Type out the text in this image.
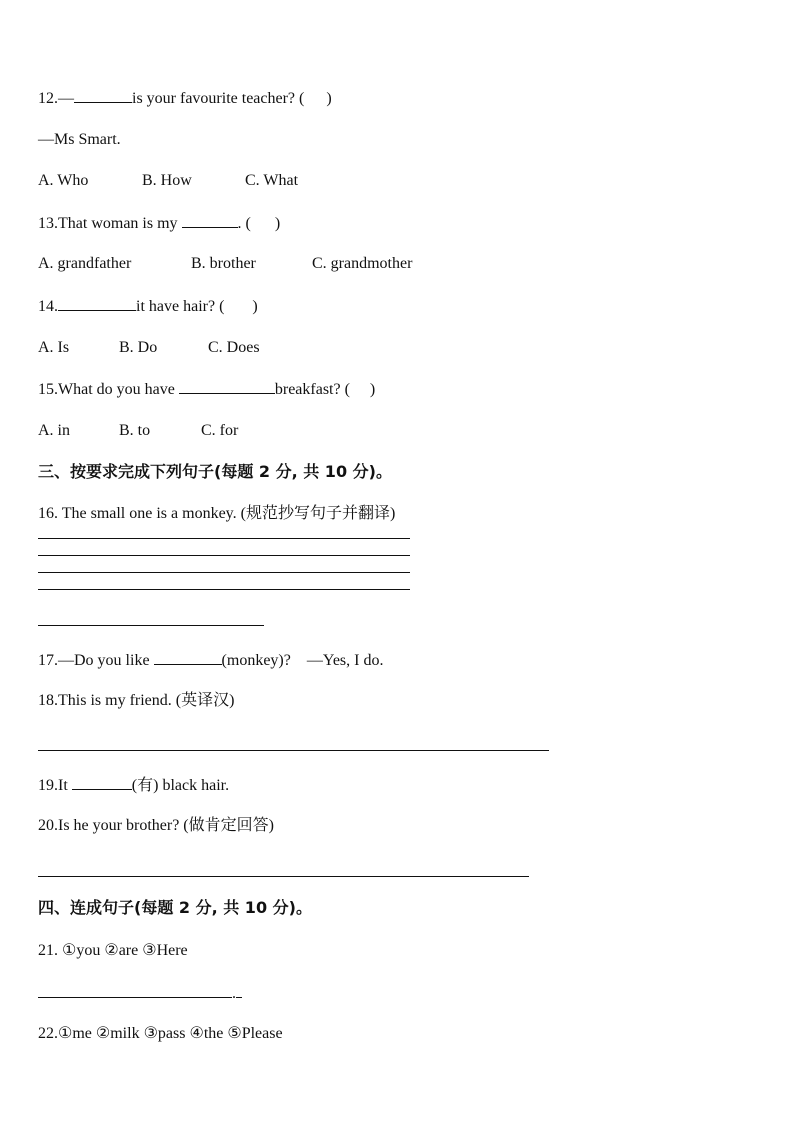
12.—	is your favourite teacher? ( )
—Ms Smart.
A. Who	B. How	C. What
13.That woman is my	. ( )
A. grandfather	B. brother	C. grandmother
14.	it have hair? ( )
A. Is	B. Do	C. Does
15.What do you have	breakfast? ( )
A. in	B. to	C. for
三、按要求完成下列句子(每题 2 分, 共 10 分)。
16. The small one is a monkey. (规范抄写句子并翻译)
17.—Do you like	(monkey)? —Yes, I do.
18.This is my friend. (英译汉)
19.It	(有) black hair.
20.Is he your brother? (做肯定回答)
四、连成句子(每题 2 分, 共 10 分)。
21. ①you ②are ③Here
.
22.①me ②milk ③pass ④the ⑤Please
